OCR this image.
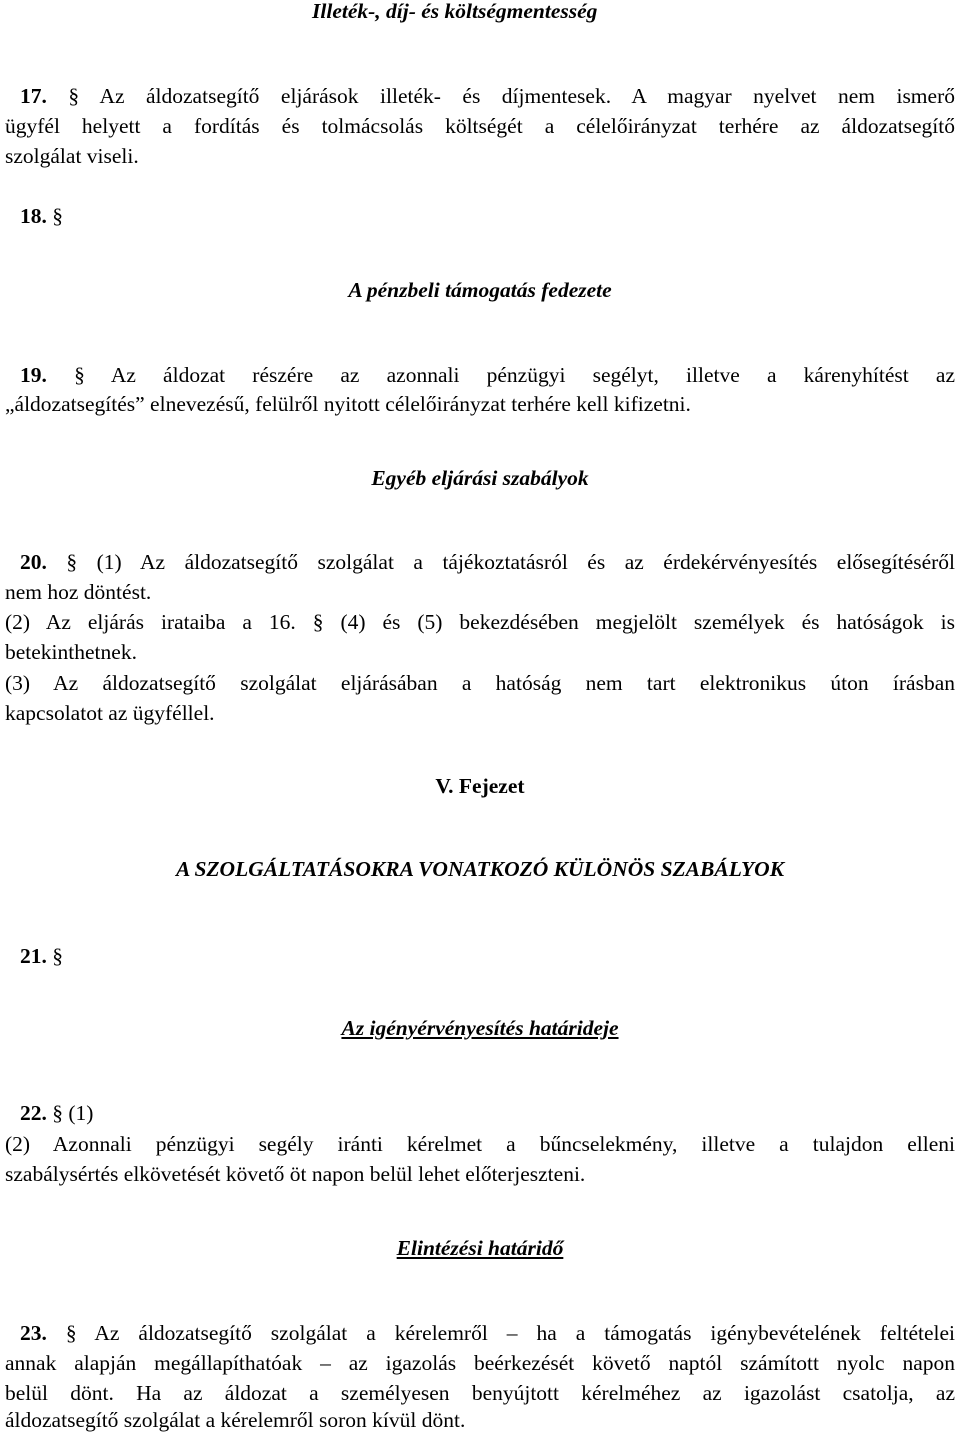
Illeték-, díj- és költségmentesség
17. § Az áldozatsegítő eljárások illeték- és díjmentesek. A magyar nyelvet nem ismerő
ügyfél helyett a fordítás és tolmácsolás költségét a célelőirányzat terhére az áldozatsegítő
szolgálat viseli.
18. §
A pénzbeli támogatás fedezete
19. § Az áldozat részére az azonnali pénzügyi segélyt, illetve a kárenyhítést az
„áldozatsegítés” elnevezésű, felülről nyitott célelőirányzat terhére kell kifizetni.
Egyéb eljárási szabályok
20. § (1) Az áldozatsegítő szolgálat a tájékoztatásról és az érdekérvényesítés elősegítéséről
nem hoz döntést.
(2) Az eljárás irataiba a 16. § (4) és (5) bekezdésében megjelölt személyek és hatóságok is
betekinthetnek.
(3) Az áldozatsegítő szolgálat eljárásában a hatóság nem tart elektronikus úton írásban
kapcsolatot az ügyféllel.
V. Fejezet
A SZOLGÁLTATÁSOKRA VONATKOZÓ KÜLÖNÖS SZABÁLYOK
21. §
Az igényérvényesítés határideje
22. § (1)
(2) Azonnali pénzügyi segély iránti kérelmet a bűncselekmény, illetve a tulajdon elleni
szabálysértés elkövetését követő öt napon belül lehet előterjeszteni.
Elintézési határidő
23. § Az áldozatsegítő szolgálat a kérelemről – ha a támogatás igénybevételének feltételei
annak alapján megállapíthatóak – az igazolás beérkezését követő naptól számított nyolc napon
belül dönt. Ha az áldozat a személyesen benyújtott kérelméhez az igazolást csatolja, az
áldozatsegítő szolgálat a kérelemről soron kívül dönt.
